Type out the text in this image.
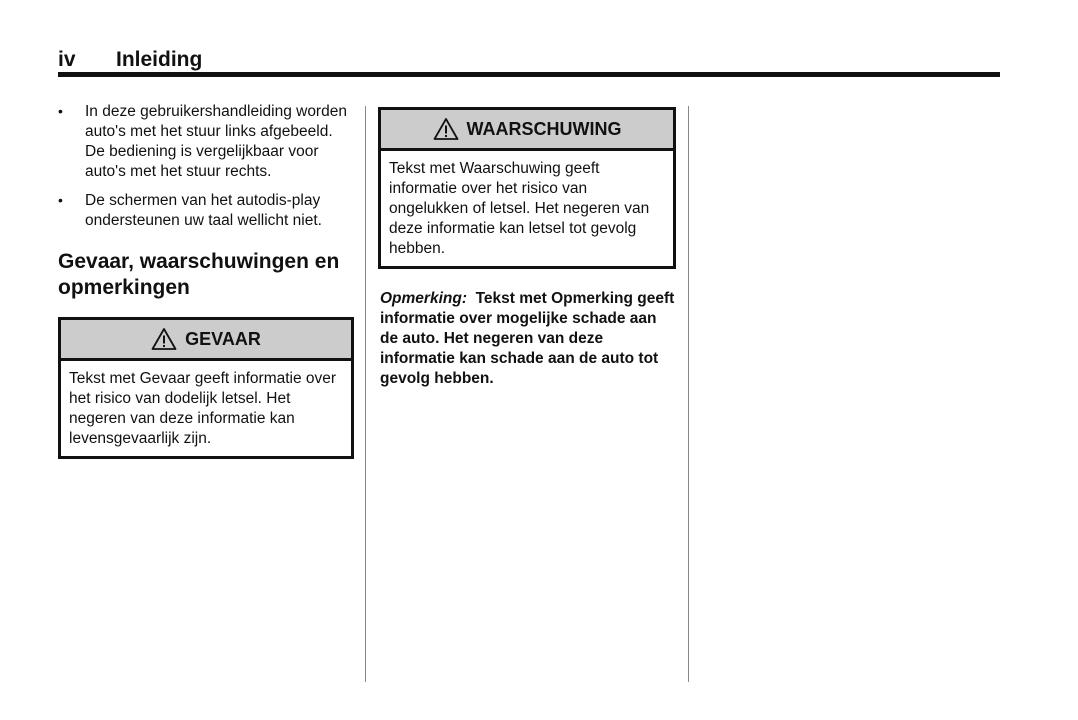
iv Inleiding
• In deze gebruikershandleiding worden auto's met het stuur links afgebeeld. De bediening is vergelijkbaar voor auto's met het stuur rechts.
• De schermen van het autodis-play ondersteunen uw taal wellicht niet.
Gevaar, waarschuwingen en opmerkingen
GEVAAR
Tekst met Gevaar geeft informatie over het risico van dodelijk letsel. Het negeren van deze informatie kan levensgevaarlijk zijn.
WAARSCHUWING
Tekst met Waarschuwing geeft informatie over het risico van ongelukken of letsel. Het negeren van deze informatie kan letsel tot gevolg hebben.
Opmerking: Tekst met Opmerking geeft informatie over mogelijke schade aan de auto. Het negeren van deze informatie kan schade aan de auto tot gevolg hebben.
